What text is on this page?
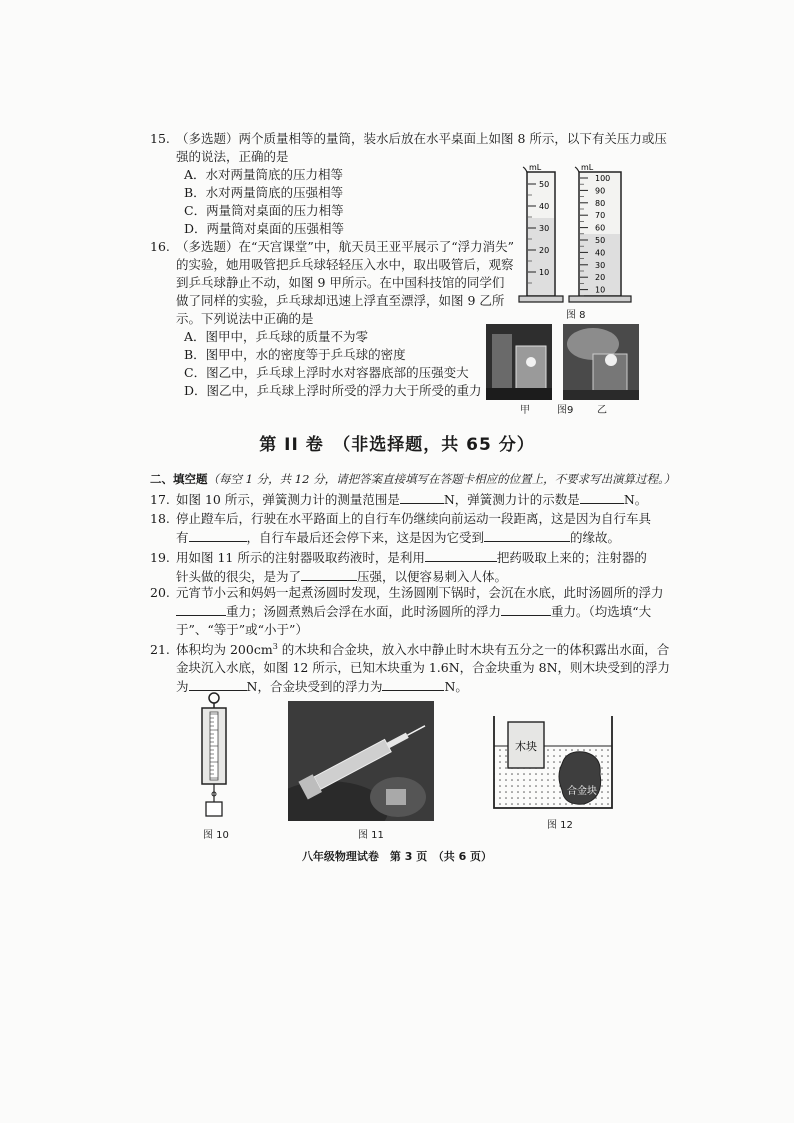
15. （多选题）两个质量相等的量筒，装水后放在水平桌面上如图 8 所示，以下有关压力或压
强的说法，正确的是
A．水对两量筒底的压力相等
B．水对两量筒底的压强相等
C．两量筒对桌面的压力相等
D．两量筒对桌面的压强相等
16. （多选题）在“天宫课堂”中，航天员王亚平展示了“浮力消失”
的实验，她用吸管把乒乓球轻轻压入水中，取出吸管后，观察
到乒乓球静止不动，如图 9 甲所示。在中国科技馆的同学们
做了同样的实验，乒乓球却迅速上浮直至漂浮，如图 9 乙所
示。下列说法中正确的是
A．图甲中，乒乓球的质量不为零
B．图甲中，水的密度等于乒乓球的密度
C．图乙中，乒乓球上浮时水对容器底部的压强变大
D．图乙中，乒乓球上浮时所受的浮力大于所受的重力
mL
50
40
30
20
10
mL
100
90
80
70
60
50
40
30
20
10
图 8
甲	图9 乙
第 II 卷　（非选择题，共 65 分）
二、填空题（每空 1 分，共 12 分，请把答案直接填写在答题卡相应的位置上，不要求写出演算过程。）
17. 如图 10 所示，弹簧测力计的测量范围是	N，弹簧测力计的示数是	N。
18. 停止蹬车后，行驶在水平路面上的自行车仍继续向前运动一段距离，这是因为自行车具
有	，自行车最后还会停下来，这是因为它受到	的缘故。
19. 用如图 11 所示的注射器吸取药液时，是利用	把药吸取上来的；注射器的
针头做的很尖，是为了	压强，以便容易刺入人体。
20. 元宵节小云和妈妈一起煮汤圆时发现，生汤圆刚下锅时，会沉在水底，此时汤圆所的浮力
重力；汤圆煮熟后会浮在水面，此时汤圆所的浮力	重力。（均选填“大
于”、“等于”或“小于”）
21. 体积均为 $200cm^3$ 的木块和合金块，放入水中静止时木块有五分之一的体积露出水面，合
金块沉入水底，如图 12 所示，已知木块重为 1.6N，合金块重为 8N，则木块受到的浮力
为	N，合金块受到的浮力为	N。
图 10	图 11
木块
合金块
图 12
八年级物理试卷　第 3 页　（共 6 页）
